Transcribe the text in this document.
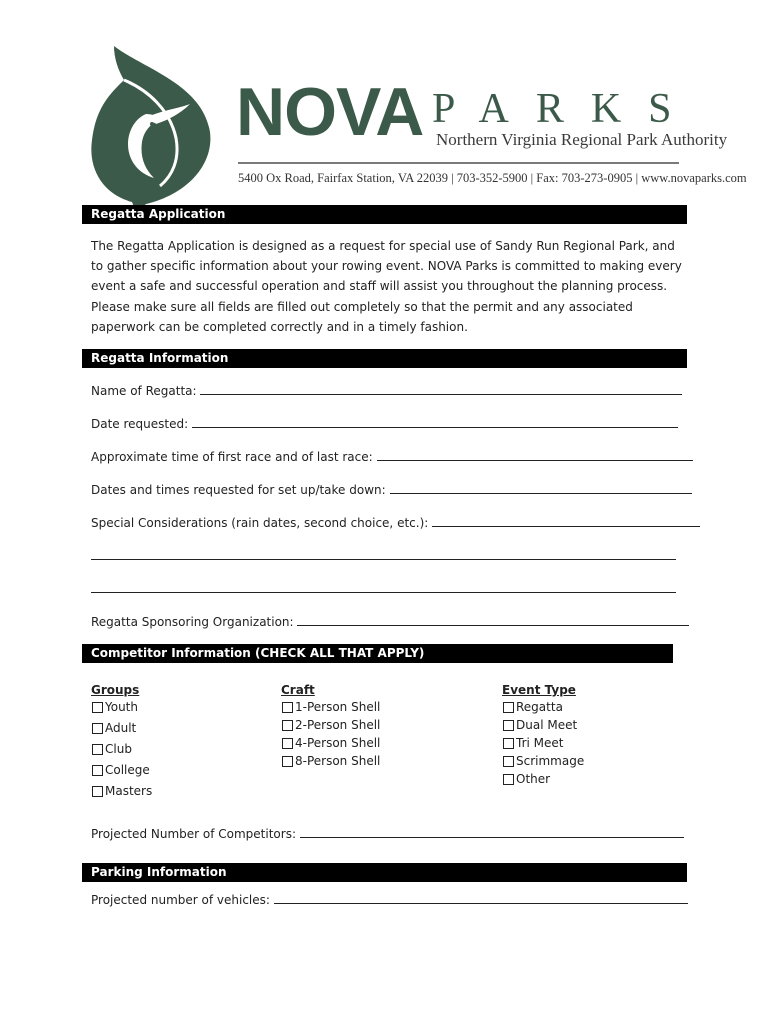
NOVA PARKS
Northern Virginia Regional Park Authority
5400 Ox Road, Fairfax Station, VA 22039 | 703-352-5900 | Fax: 703-273-0905 | www.novaparks.com
Regatta Application
The Regatta Application is designed as a request for special use of Sandy Run Regional Park, and to gather specific information about your rowing event. NOVA Parks is committed to making every event a safe and successful operation and staff will assist you throughout the planning process. Please make sure all fields are filled out completely so that the permit and any associated paperwork can be completed correctly and in a timely fashion.
Regatta Information
Name of Regatta:
Date requested:
Approximate time of first race and of last race:
Dates and times requested for set up/take down:
Special Considerations (rain dates, second choice, etc.):
Regatta Sponsoring Organization:
Competitor Information (CHECK ALL THAT APPLY)
Groups
Youth
Adult
Club
College
Masters
Craft
1-Person Shell
2-Person Shell
4-Person Shell
8-Person Shell
Event Type
Regatta
Dual Meet
Tri Meet
Scrimmage
Other
Projected Number of Competitors:
Parking Information
Projected number of vehicles:
